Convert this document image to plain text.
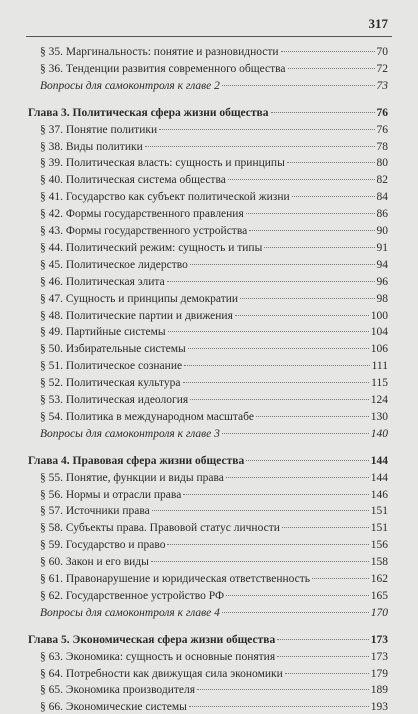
317
§ 35. Маргинальность: понятие и разновидности	70
§ 36. Тенденции развития современного общества	72
Вопросы для самоконтроля к главе 2	73
Глава 3. Политическая сфера жизни общества	76
§ 37. Понятие политики	76
§ 38. Виды политики	78
§ 39. Политическая власть: сущность и принципы	80
§ 40. Политическая система общества	82
§ 41. Государство как субъект политической жизни	84
§ 42. Формы государственного правления	86
§ 43. Формы государственного устройства	90
§ 44. Политический режим: сущность и типы	91
§ 45. Политическое лидерство	94
§ 46. Политическая элита	96
§ 47. Сущность и принципы демократии	98
§ 48. Политические партии и движения	100
§ 49. Партийные системы	104
§ 50. Избирательные системы	106
§ 51. Политическое сознание	111
§ 52. Политическая культура	115
§ 53. Политическая идеология	124
§ 54. Политика в международном масштабе	130
Вопросы для самоконтроля к главе 3	140
Глава 4. Правовая сфера жизни общества	144
§ 55. Понятие, функции и виды права	144
§ 56. Нормы и отрасли права	146
§ 57. Источники права	151
§ 58. Субъекты права. Правовой статус личности	151
§ 59. Государство и право	156
§ 60. Закон и его виды	158
§ 61. Правонарушение и юридическая ответственность	162
§ 62. Государственное устройство РФ	165
Вопросы для самоконтроля к главе 4	170
Глава 5. Экономическая сфера жизни общества	173
§ 63. Экономика: сущность и основные понятия	173
§ 64. Потребности как движущая сила экономики	179
§ 65. Экономика производителя	189
§ 66. Экономические системы	193
